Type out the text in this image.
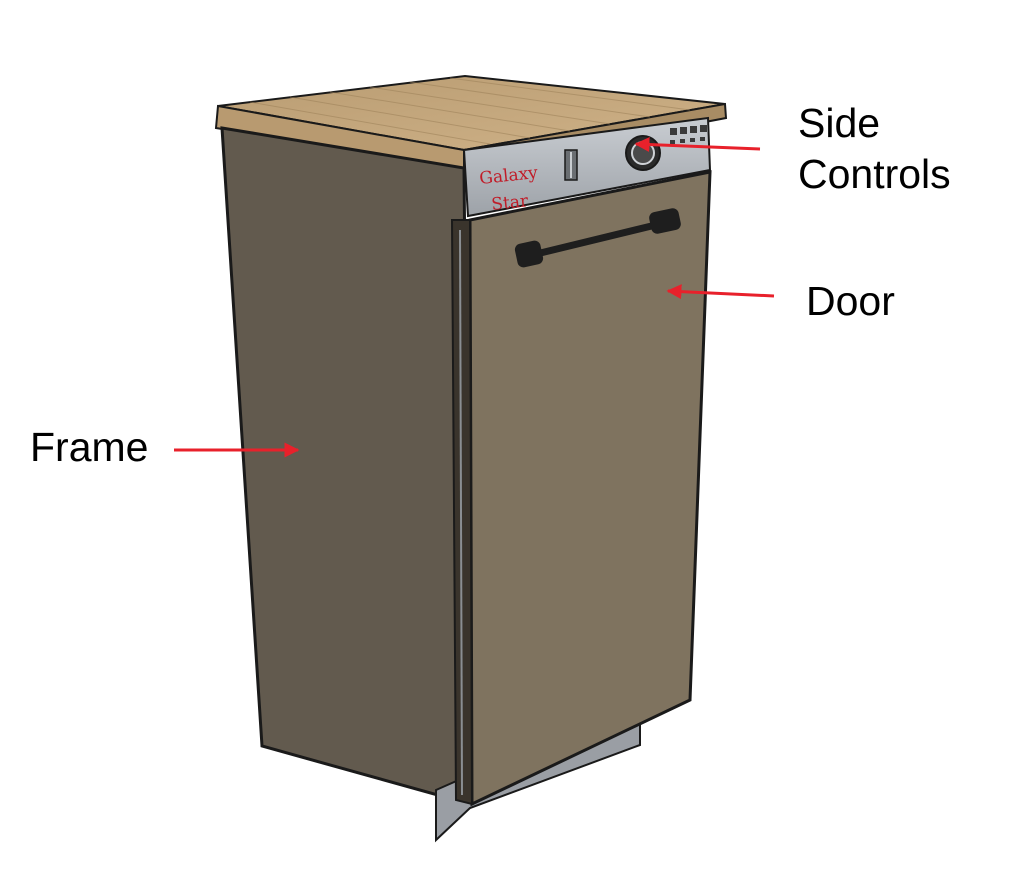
Galaxy
Star
Side
Controls
Door
Frame
